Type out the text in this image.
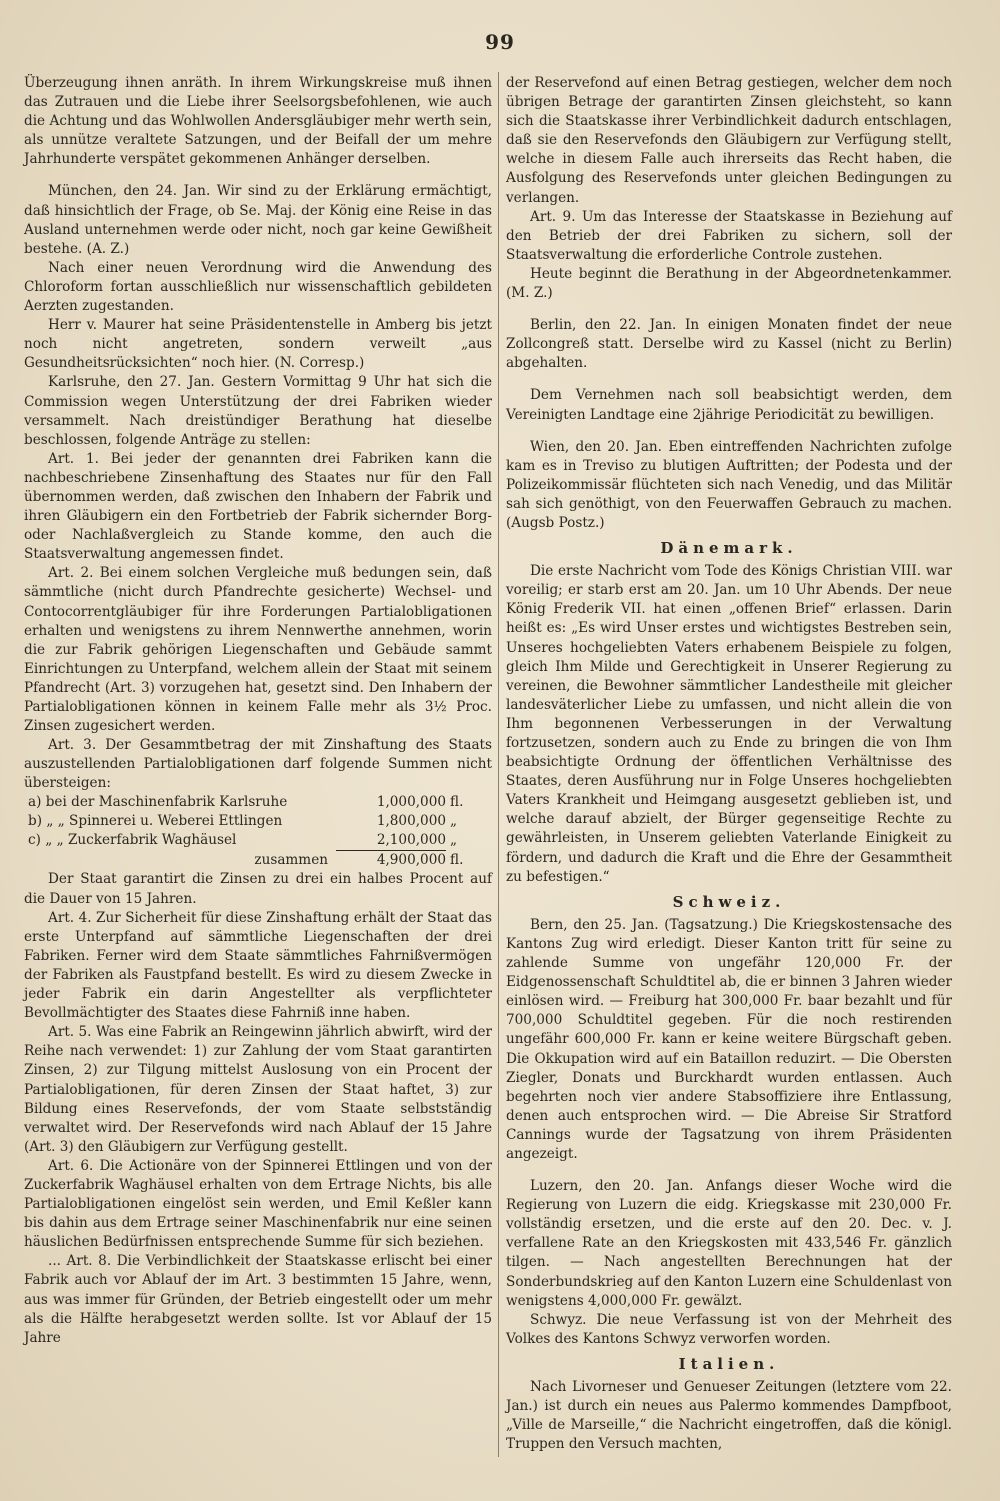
99

Überzeugung ihnen anräth. In ihrem Wirkungskreise muß ihnen das Zutrauen und die Liebe ihrer Seelsorgsbefohlenen, wie auch die Achtung und das Wohlwollen Andersgläubiger mehr werth sein, als unnütze veraltete Satzungen, und der Beifall der um mehre Jahrhunderte verspätet gekommenen Anhänger derselben.

München, den 24. Jan. Wir sind zu der Erklärung ermächtigt, daß hinsichtlich der Frage, ob Se. Maj. der König eine Reise in das Ausland unternehmen werde oder nicht, noch gar keine Gewißheit bestehe. (A. Z.)

Nach einer neuen Verordnung wird die Anwendung des Chloroform fortan ausschließlich nur wissenschaftlich gebildeten Aerzten zugestanden.

Herr v. Maurer hat seine Präsidentenstelle in Amberg bis jetzt noch nicht angetreten, sondern verweilt „aus Gesundheitsrücksichten“ noch hier. (N. Corresp.)

Karlsruhe, den 27. Jan. Gestern Vormittag 9 Uhr hat sich die Commission wegen Unterstützung der drei Fabriken wieder versammelt. Nach dreistündiger Berathung hat dieselbe beschlossen, folgende Anträge zu stellen:

Art. 1. Bei jeder der genannten drei Fabriken kann die nachbeschriebene Zinsenhaftung des Staates nur für den Fall übernommen werden, daß zwischen den Inhabern der Fabrik und ihren Gläubigern ein den Fortbetrieb der Fabrik sichernder Borg- oder Nachlaßvergleich zu Stande komme, den auch die Staatsverwaltung angemessen findet.

Art. 2. Bei einem solchen Vergleiche muß bedungen sein, daß sämmtliche (nicht durch Pfandrechte gesicherte) Wechsel- und Contocorrentgläubiger für ihre Forderungen Partialobligationen erhalten und wenigstens zu ihrem Nennwerthe annehmen, worin die zur Fabrik gehörigen Liegenschaften und Gebäude sammt Einrichtungen zu Unterpfand, welchem allein der Staat mit seinem Pfandrecht (Art. 3) vorzugehen hat, gesetzt sind. Den Inhabern der Partialobligationen können in keinem Falle mehr als 3½ Proc. Zinsen zugesichert werden.

Art. 3. Der Gesammtbetrag der mit Zinshaftung des Staats auszustellenden Partialobligationen darf folgende Summen nicht übersteigen:

a) bei der Maschinenfabrik Karlsruhe	1,000,000	fl.
b) „ „ Spinnerei u. Weberei Ettlingen	1,800,000	„
c) „ „ Zuckerfabrik Waghäusel	2,100,000	„
zusammen	4,900,000	fl.

Der Staat garantirt die Zinsen zu drei ein halbes Procent auf die Dauer von 15 Jahren.

Art. 4. Zur Sicherheit für diese Zinshaftung erhält der Staat das erste Unterpfand auf sämmtliche Liegenschaften der drei Fabriken. Ferner wird dem Staate sämmtliches Fahrnißvermögen der Fabriken als Faustpfand bestellt. Es wird zu diesem Zwecke in jeder Fabrik ein darin Angestellter als verpflichteter Bevollmächtigter des Staates diese Fahrniß inne haben.

Art. 5. Was eine Fabrik an Reingewinn jährlich abwirft, wird der Reihe nach verwendet: 1) zur Zahlung der vom Staat garantirten Zinsen, 2) zur Tilgung mittelst Auslosung von ein Procent der Partialobligationen, für deren Zinsen der Staat haftet, 3) zur Bildung eines Reservefonds, der vom Staate selbstständig verwaltet wird. Der Reservefonds wird nach Ablauf der 15 Jahre (Art. 3) den Gläubigern zur Verfügung gestellt.

Art. 6. Die Actionäre von der Spinnerei Ettlingen und von der Zuckerfabrik Waghäusel erhalten von dem Ertrage Nichts, bis alle Partialobligationen eingelöst sein werden, und Emil Keßler kann bis dahin aus dem Ertrage seiner Maschinenfabrik nur eine seinen häuslichen Bedürfnissen entsprechende Summe für sich beziehen.

... Art. 8. Die Verbindlichkeit der Staatskasse erlischt bei einer Fabrik auch vor Ablauf der im Art. 3 bestimmten 15 Jahre, wenn, aus was immer für Gründen, der Betrieb eingestellt oder um mehr als die Hälfte herabgesetzt werden sollte. Ist vor Ablauf der 15 Jahre

der Reservefond auf einen Betrag gestiegen, welcher dem noch übrigen Betrage der garantirten Zinsen gleichsteht, so kann sich die Staatskasse ihrer Verbindlichkeit dadurch entschlagen, daß sie den Reservefonds den Gläubigern zur Verfügung stellt, welche in diesem Falle auch ihrerseits das Recht haben, die Ausfolgung des Reservefonds unter gleichen Bedingungen zu verlangen.

Art. 9. Um das Interesse der Staatskasse in Beziehung auf den Betrieb der drei Fabriken zu sichern, soll der Staatsverwaltung die erforderliche Controle zustehen.

Heute beginnt die Berathung in der Abgeordnetenkammer. (M. Z.)

Berlin, den 22. Jan. In einigen Monaten findet der neue Zollcongreß statt. Derselbe wird zu Kassel (nicht zu Berlin) abgehalten.

Dem Vernehmen nach soll beabsichtigt werden, dem Vereinigten Landtage eine 2jährige Periodicität zu bewilligen.

Wien, den 20. Jan. Eben eintreffenden Nachrichten zufolge kam es in Treviso zu blutigen Auftritten; der Podesta und der Polizeikommissär flüchteten sich nach Venedig, und das Militär sah sich genöthigt, von den Feuerwaffen Gebrauch zu machen. (Augsb Postz.)

Dänemark.

Die erste Nachricht vom Tode des Königs Christian VIII. war voreilig; er starb erst am 20. Jan. um 10 Uhr Abends. Der neue König Frederik VII. hat einen „offenen Brief“ erlassen. Darin heißt es: „Es wird Unser erstes und wichtigstes Bestreben sein, Unseres hochgeliebten Vaters erhabenem Beispiele zu folgen, gleich Ihm Milde und Gerechtigkeit in Unserer Regierung zu vereinen, die Bewohner sämmtlicher Landestheile mit gleicher landesväterlicher Liebe zu umfassen, und nicht allein die von Ihm begonnenen Verbesserungen in der Verwaltung fortzusetzen, sondern auch zu Ende zu bringen die von Ihm beabsichtigte Ordnung der öffentlichen Verhältnisse des Staates, deren Ausführung nur in Folge Unseres hochgeliebten Vaters Krankheit und Heimgang ausgesetzt geblieben ist, und welche darauf abzielt, der Bürger gegenseitige Rechte zu gewährleisten, in Unserem geliebten Vaterlande Einigkeit zu fördern, und dadurch die Kraft und die Ehre der Gesammtheit zu befestigen.“

Schweiz.

Bern, den 25. Jan. (Tagsatzung.) Die Kriegskostensache des Kantons Zug wird erledigt. Dieser Kanton tritt für seine zu zahlende Summe von ungefähr 120,000 Fr. der Eidgenossenschaft Schuldtitel ab, die er binnen 3 Jahren wieder einlösen wird. — Freiburg hat 300,000 Fr. baar bezahlt und für 700,000 Schuldtitel gegeben. Für die noch restirenden ungefähr 600,000 Fr. kann er keine weitere Bürgschaft geben. Die Okkupation wird auf ein Bataillon reduzirt. — Die Obersten Ziegler, Donats und Burckhardt wurden entlassen. Auch begehrten noch vier andere Stabsoffiziere ihre Entlassung, denen auch entsprochen wird. — Die Abreise Sir Stratford Cannings wurde der Tagsatzung von ihrem Präsidenten angezeigt.

Luzern, den 20. Jan. Anfangs dieser Woche wird die Regierung von Luzern die eidg. Kriegskasse mit 230,000 Fr. vollständig ersetzen, und die erste auf den 20. Dec. v. J. verfallene Rate an den Kriegskosten mit 433,546 Fr. gänzlich tilgen. — Nach angestellten Berechnungen hat der Sonderbundskrieg auf den Kanton Luzern eine Schuldenlast von wenigstens 4,000,000 Fr. gewälzt.

Schwyz. Die neue Verfassung ist von der Mehrheit des Volkes des Kantons Schwyz verworfen worden.

Italien.

Nach Livorneser und Genueser Zeitungen (letztere vom 22. Jan.) ist durch ein neues aus Palermo kommendes Dampfboot, „Ville de Marseille,“ die Nachricht eingetroffen, daß die königl. Truppen den Versuch machten,
